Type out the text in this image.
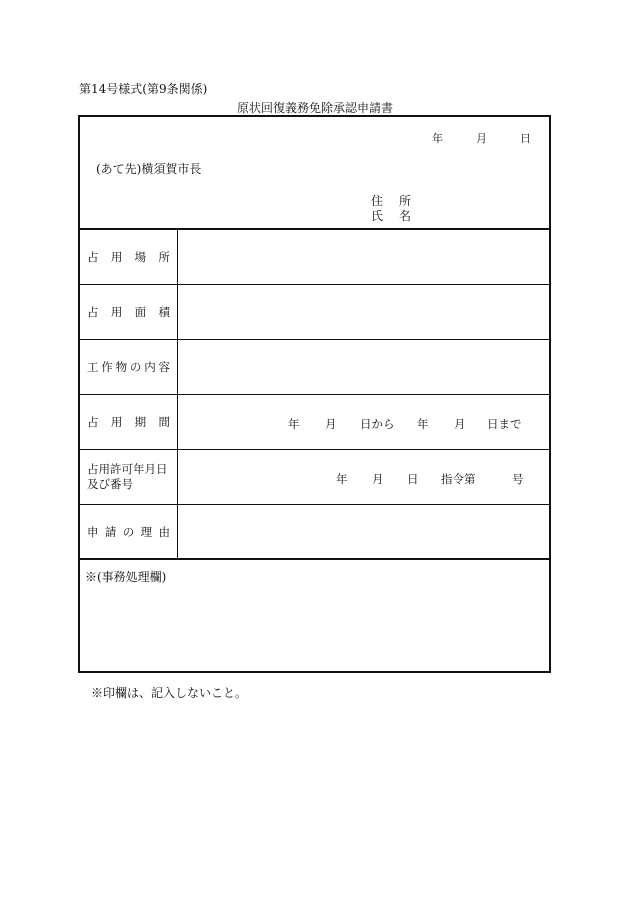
第14号様式(第9条関係)
原状回復義務免除承認申請書
年	月	日
(あて先)横須賀市長
住　所
氏　名
占 用 場 所
占 用 面 積
工 作 物 の 内 容
占 用 期 間	年	月	日から	年	月	日まで
占用許可年月日
及び番号	年	月	日	指令第	号
申 請 の 理 由
※(事務処理欄)
※印欄は、記入しないこと。
